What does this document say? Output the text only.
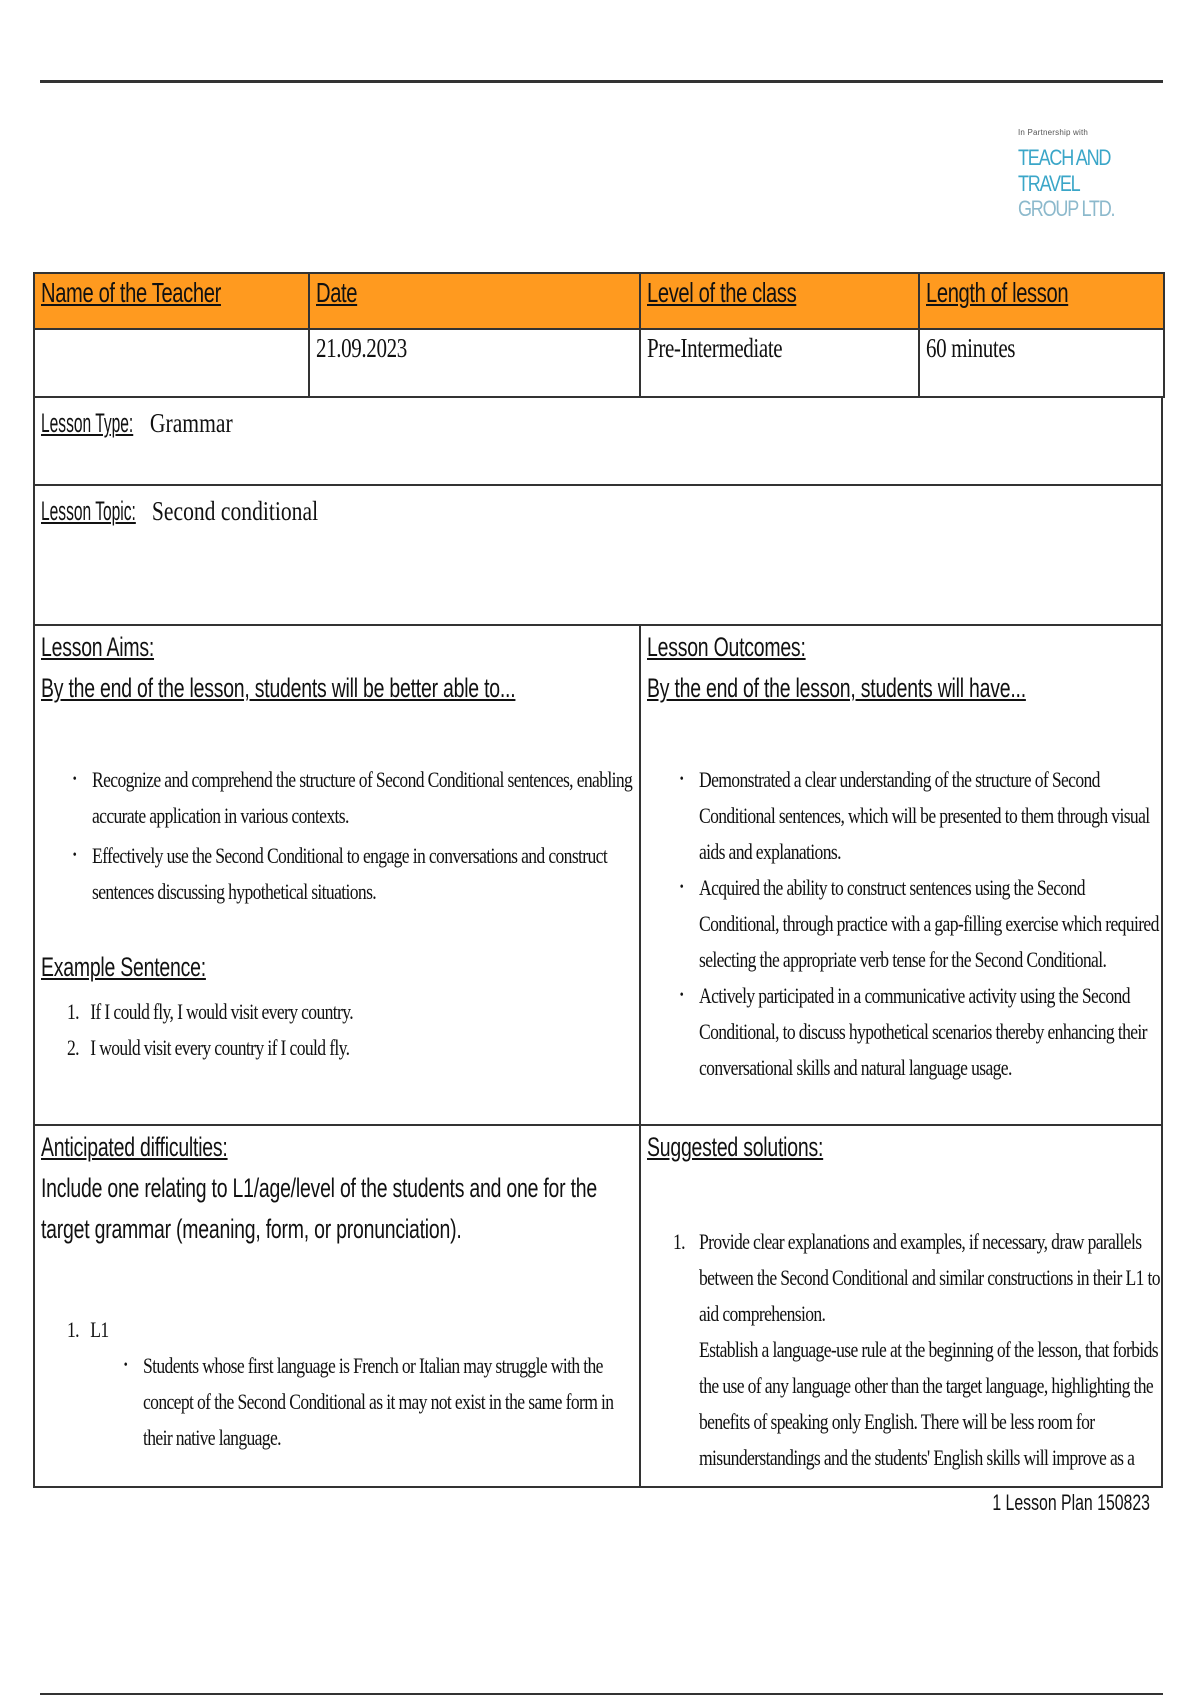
In Partnership with
TEACH AND TRAVEL
GROUP LTD.
Name of the Teacher	Date	Level of the class	Length of lesson
	21.09.2023	Pre-Intermediate	60 minutes
Lesson Type: Grammar
Lesson Topic: Second conditional
Lesson Aims:
By the end of the lesson, students will be better able to...
• Recognize and comprehend the structure of Second Conditional sentences, enabling
accurate application in various contexts.
• Effectively use the Second Conditional to engage in conversations and construct
sentences discussing hypothetical situations.
Example Sentence:
1. If I could fly, I would visit every country.
2. I would visit every country if I could fly.
Lesson Outcomes:
By the end of the lesson, students will have...
• Demonstrated a clear understanding of the structure of Second
Conditional sentences, which will be presented to them through visual
aids and explanations.
• Acquired the ability to construct sentences using the Second
Conditional, through practice with a gap-filling exercise which required
selecting the appropriate verb tense for the Second Conditional.
• Actively participated in a communicative activity using the Second
Conditional, to discuss hypothetical scenarios thereby enhancing their
conversational skills and natural language usage.
Anticipated difficulties:
Include one relating to L1/age/level of the students and one for the
target grammar (meaning, form, or pronunciation).
1. L1
• Students whose first language is French or Italian may struggle with the
concept of the Second Conditional as it may not exist in the same form in
their native language.
Suggested solutions:
1. Provide clear explanations and examples, if necessary, draw parallels
between the Second Conditional and similar constructions in their L1 to
aid comprehension.
Establish a language-use rule at the beginning of the lesson, that forbids
the use of any language other than the target language, highlighting the
benefits of speaking only English. There will be less room for
misunderstandings and the students' English skills will improve as a
1 Lesson Plan 150823
